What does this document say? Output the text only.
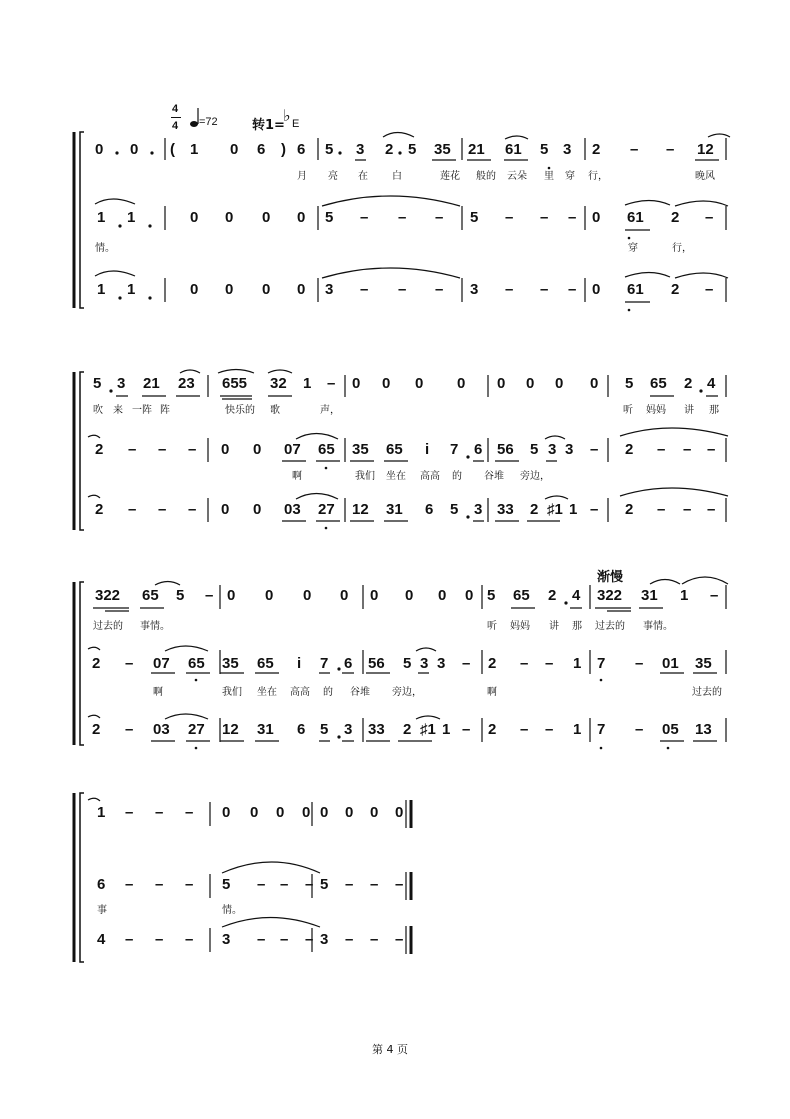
4
4 =72	转1=
♭ E
渐慢
第 4 页
0 0 ( 1 0 6 ) 6 5 3 2 5 35 21 61 5 3 2 – – 12
月 亮 在 白	莲花 般的 云朵 里 穿 行，	晚风
1 1	0 0 0 0 5 – – – 5 – – – 0 61 2 –
情。	穿	行，
1 1	0 0 0 0 3 – – – 3 – – – 0 61 2 –
5 3 21 23 655 32 1 – 0 0 0 0 0 0 0 0 5 65 2 4
吹 来 一阵 阵	快乐的 歌	声，	听 妈妈 讲 那
2 – – – 0 0 07 65 35 65 i 7 6 56 5 3 3 – 2 – – –
啊	我们 坐在 高高 的 谷堆 旁边，
2 – – – 0 0 03 27 12 31 6 5 3 33 2 ♯1 1 – 2 – – –
322 65 5 – 0 0 0 0 0 0 0 0 5 65 2 4 322 31 1 –
过去的 事情。	听 妈妈 讲 那 过去的 事情。
2 – 07 65 35 65 i 7 6 56 5 3 3 – 2 – – 1 7 – 01 35
啊	我们 坐在 高高 的 谷堆 旁边，	啊	过去的
2 – 03 27 12 31 6 5 3 33 2 ♯1 1 – 2 – – 1 7 – 05 13
1 – – – 0 0 0 0 0 0 0 0
6 – – – 5 – – – 5 – – –
事	情。
4 – – – 3 – – – 3 – – –
